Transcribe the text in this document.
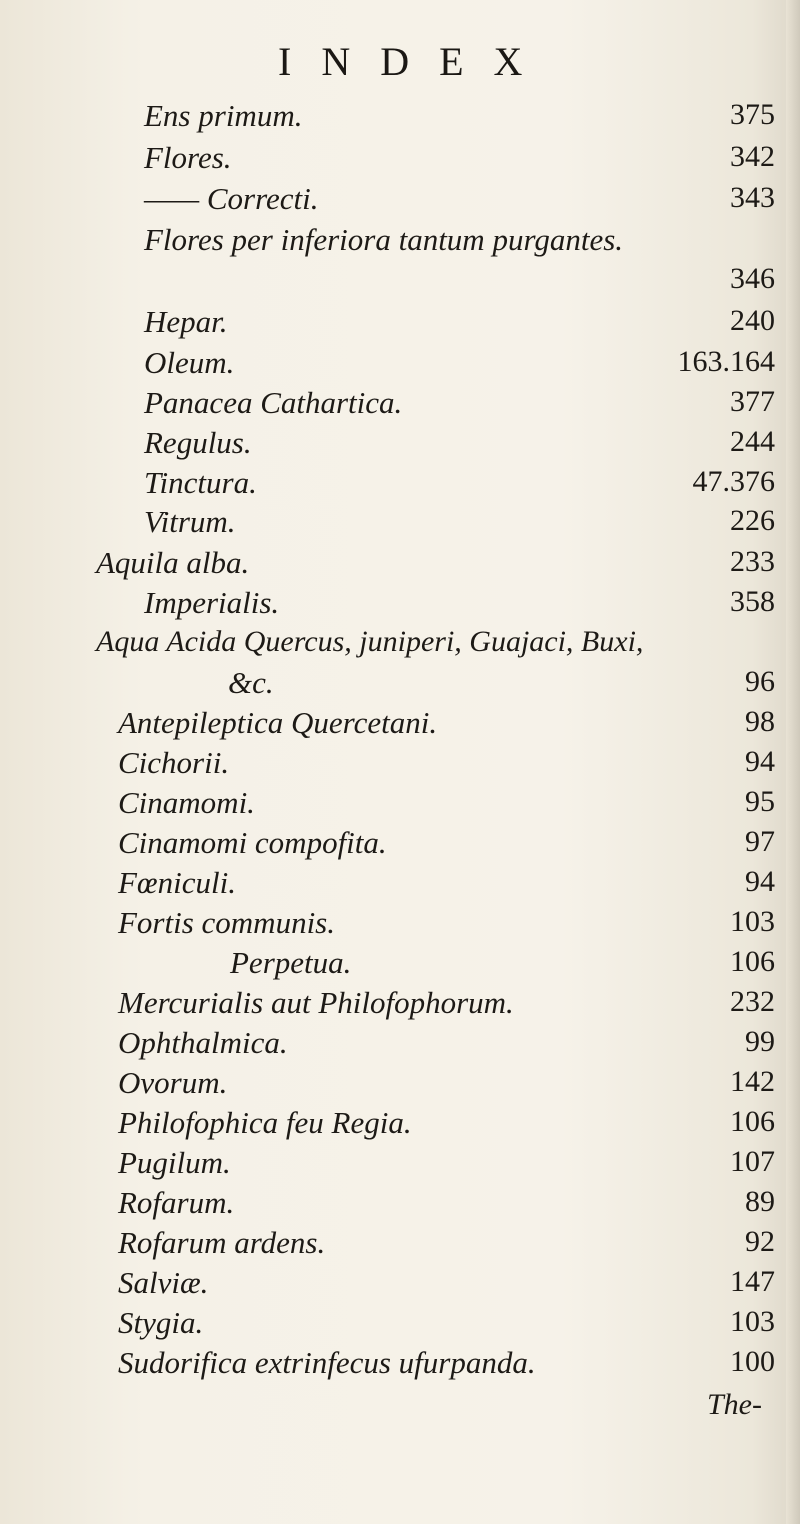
INDEX
Ens primum.	375
Flores.	342
—— Correcti.	343
Flores per inferiora tantum purgantes.
346
Hepar.	240
Oleum.	163.164
Panacea Cathartica.	377
Regulus.	244
Tinctura.	47.376
Vitrum.	226
Aquila alba.	233
Imperialis.	358
Aqua Acida Quercus, juniperi, Guajaci, Buxi,
&c.	96
Antepileptica Quercetani.	98
Cichorii.	94
Cinamomi.	95
Cinamomi compofita.	97
Fœniculi.	94
Fortis communis.	103
Perpetua.	106
Mercurialis aut Philofophorum.	232
Ophthalmica.	99
Ovorum.	142
Philofophica feu Regia.	106
Pugilum.	107
Rofarum.	89
Rofarum ardens.	92
Salviæ.	147
Stygia.	103
Sudorifica extrinfecus ufurpanda.	100
The-
